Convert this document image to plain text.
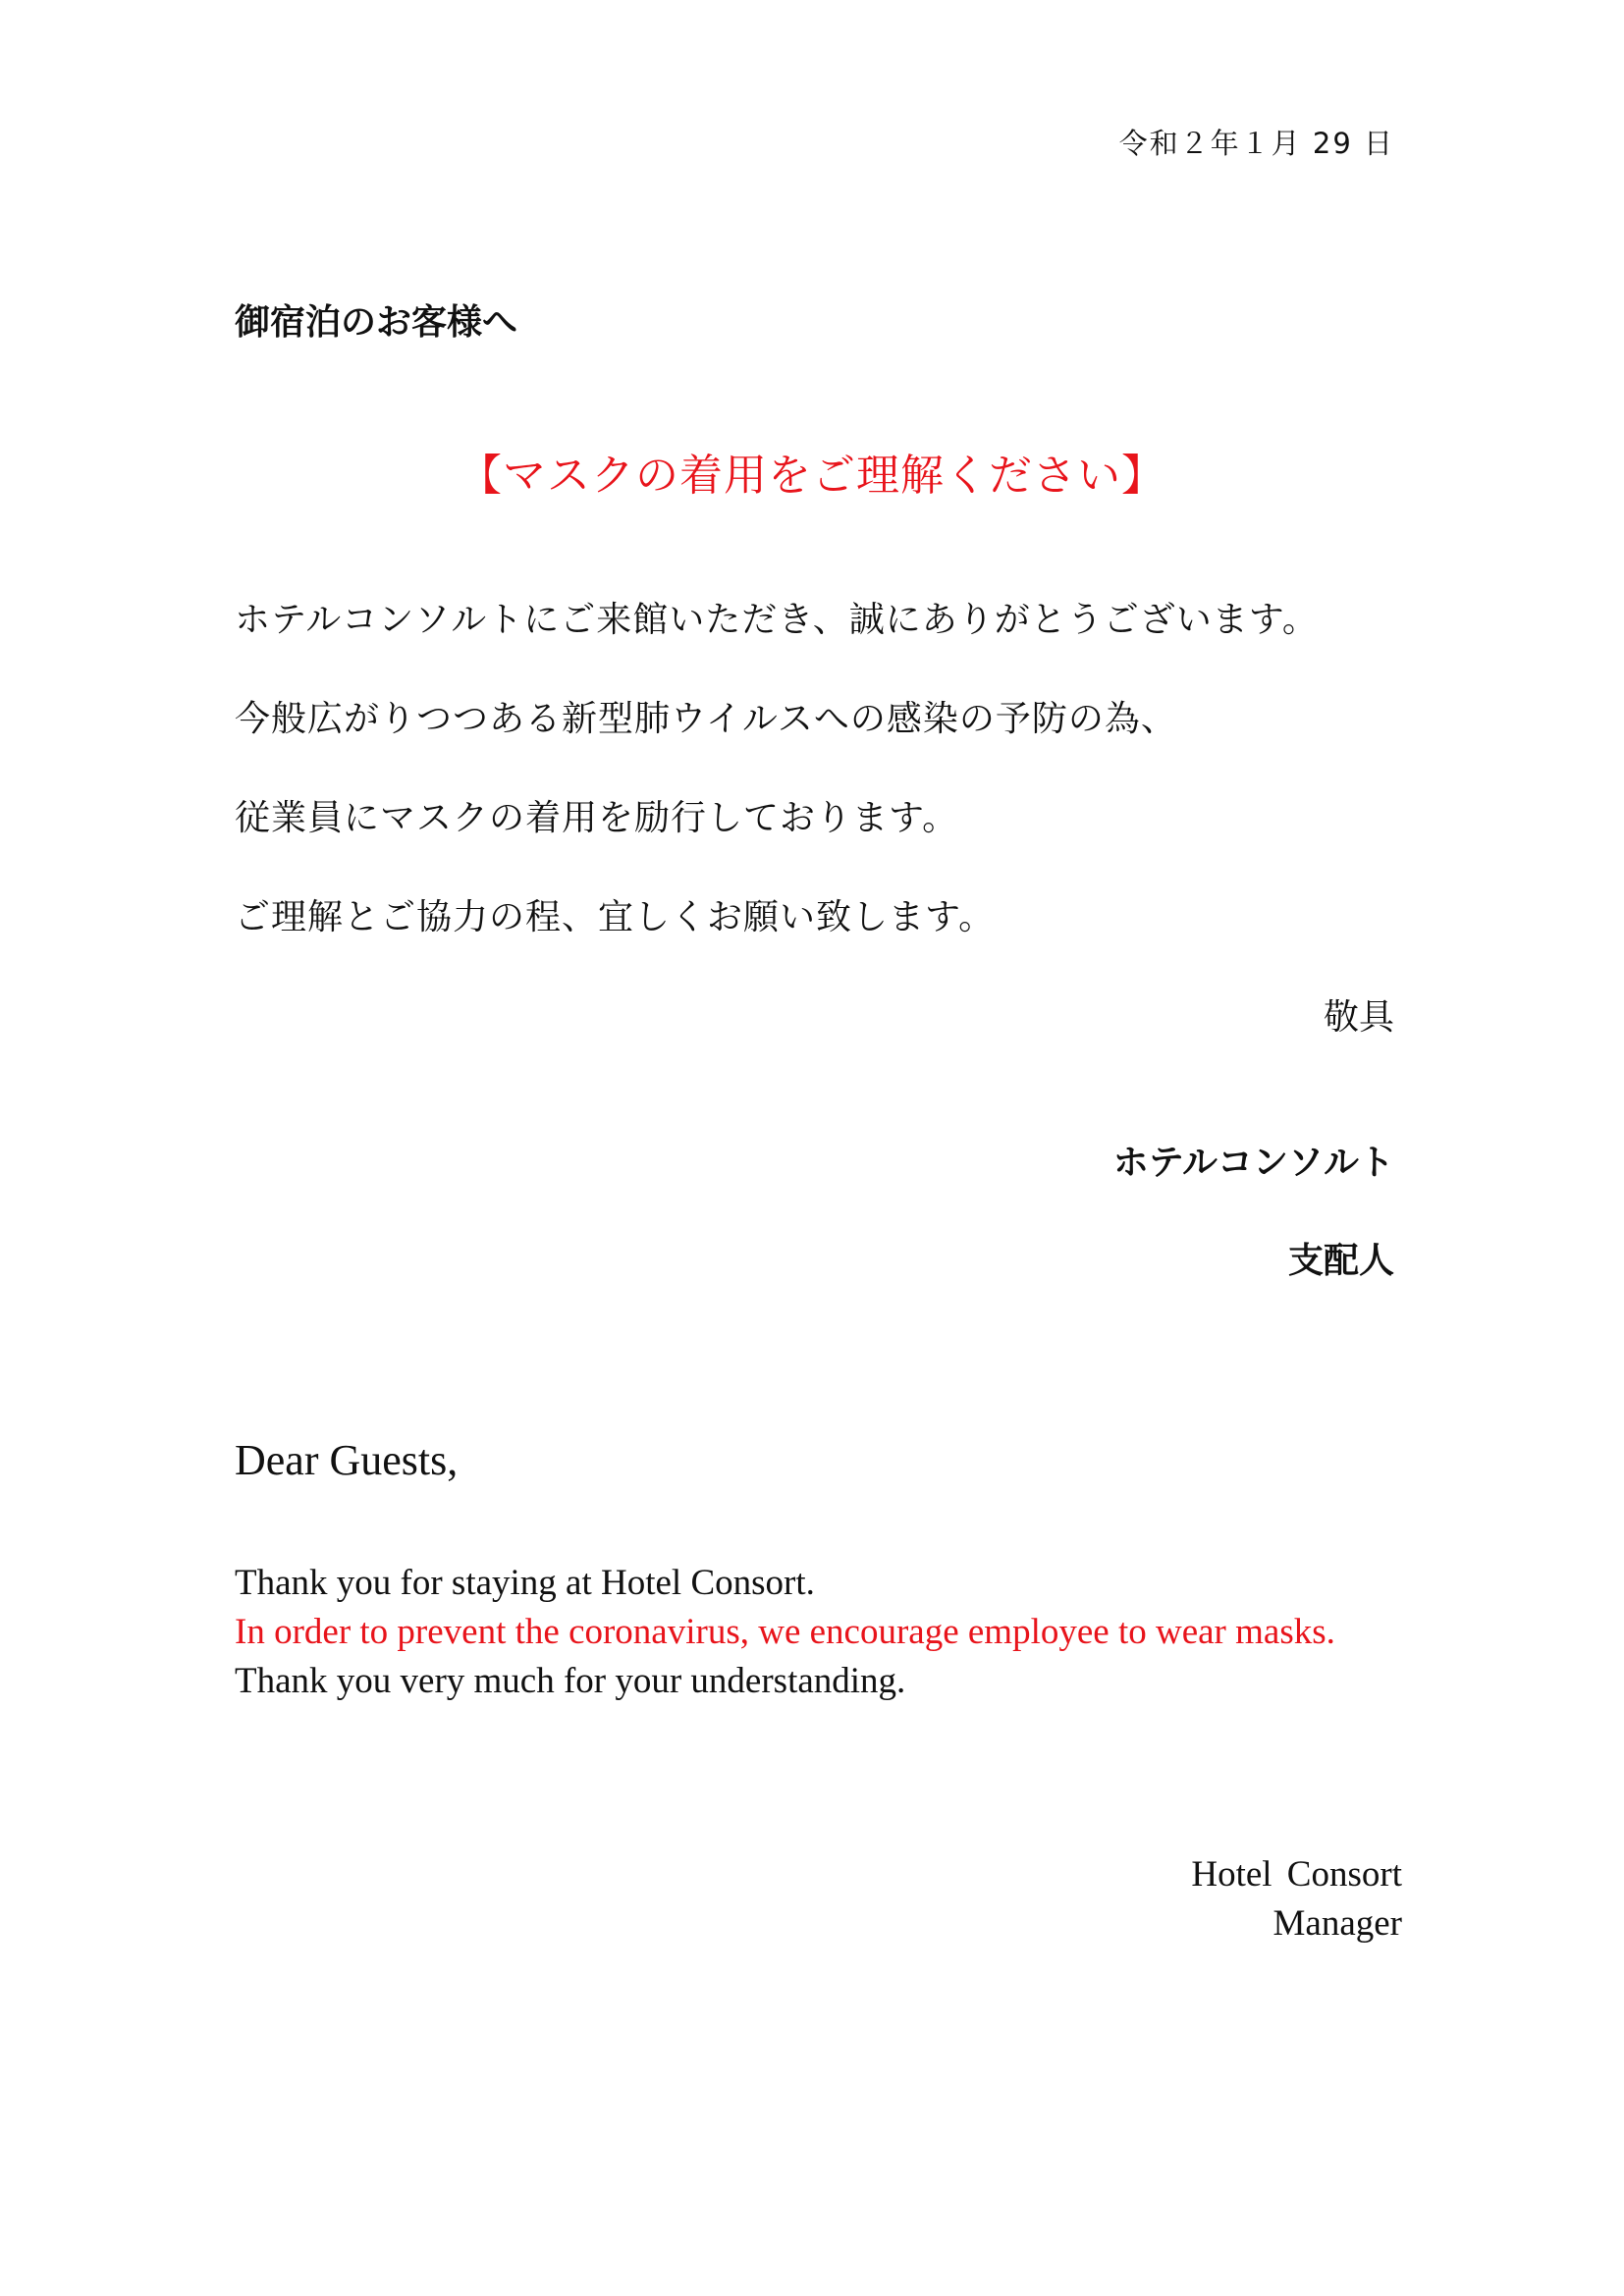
令和２年１月 29 日
御宿泊のお客様へ
【マスクの着用をご理解ください】
ホテルコンソルトにご来館いただき、誠にありがとうございます。
今般広がりつつある新型肺ウイルスへの感染の予防の為、
従業員にマスクの着用を励行しております。
ご理解とご協力の程、宜しくお願い致します。
敬具
ホテルコンソルト
支配人
Dear Guests,
Thank you for staying at Hotel Consort.
In order to prevent the coronavirus, we encourage employee to wear masks.
Thank you very much for your understanding.
Hotel Consort
Manager
